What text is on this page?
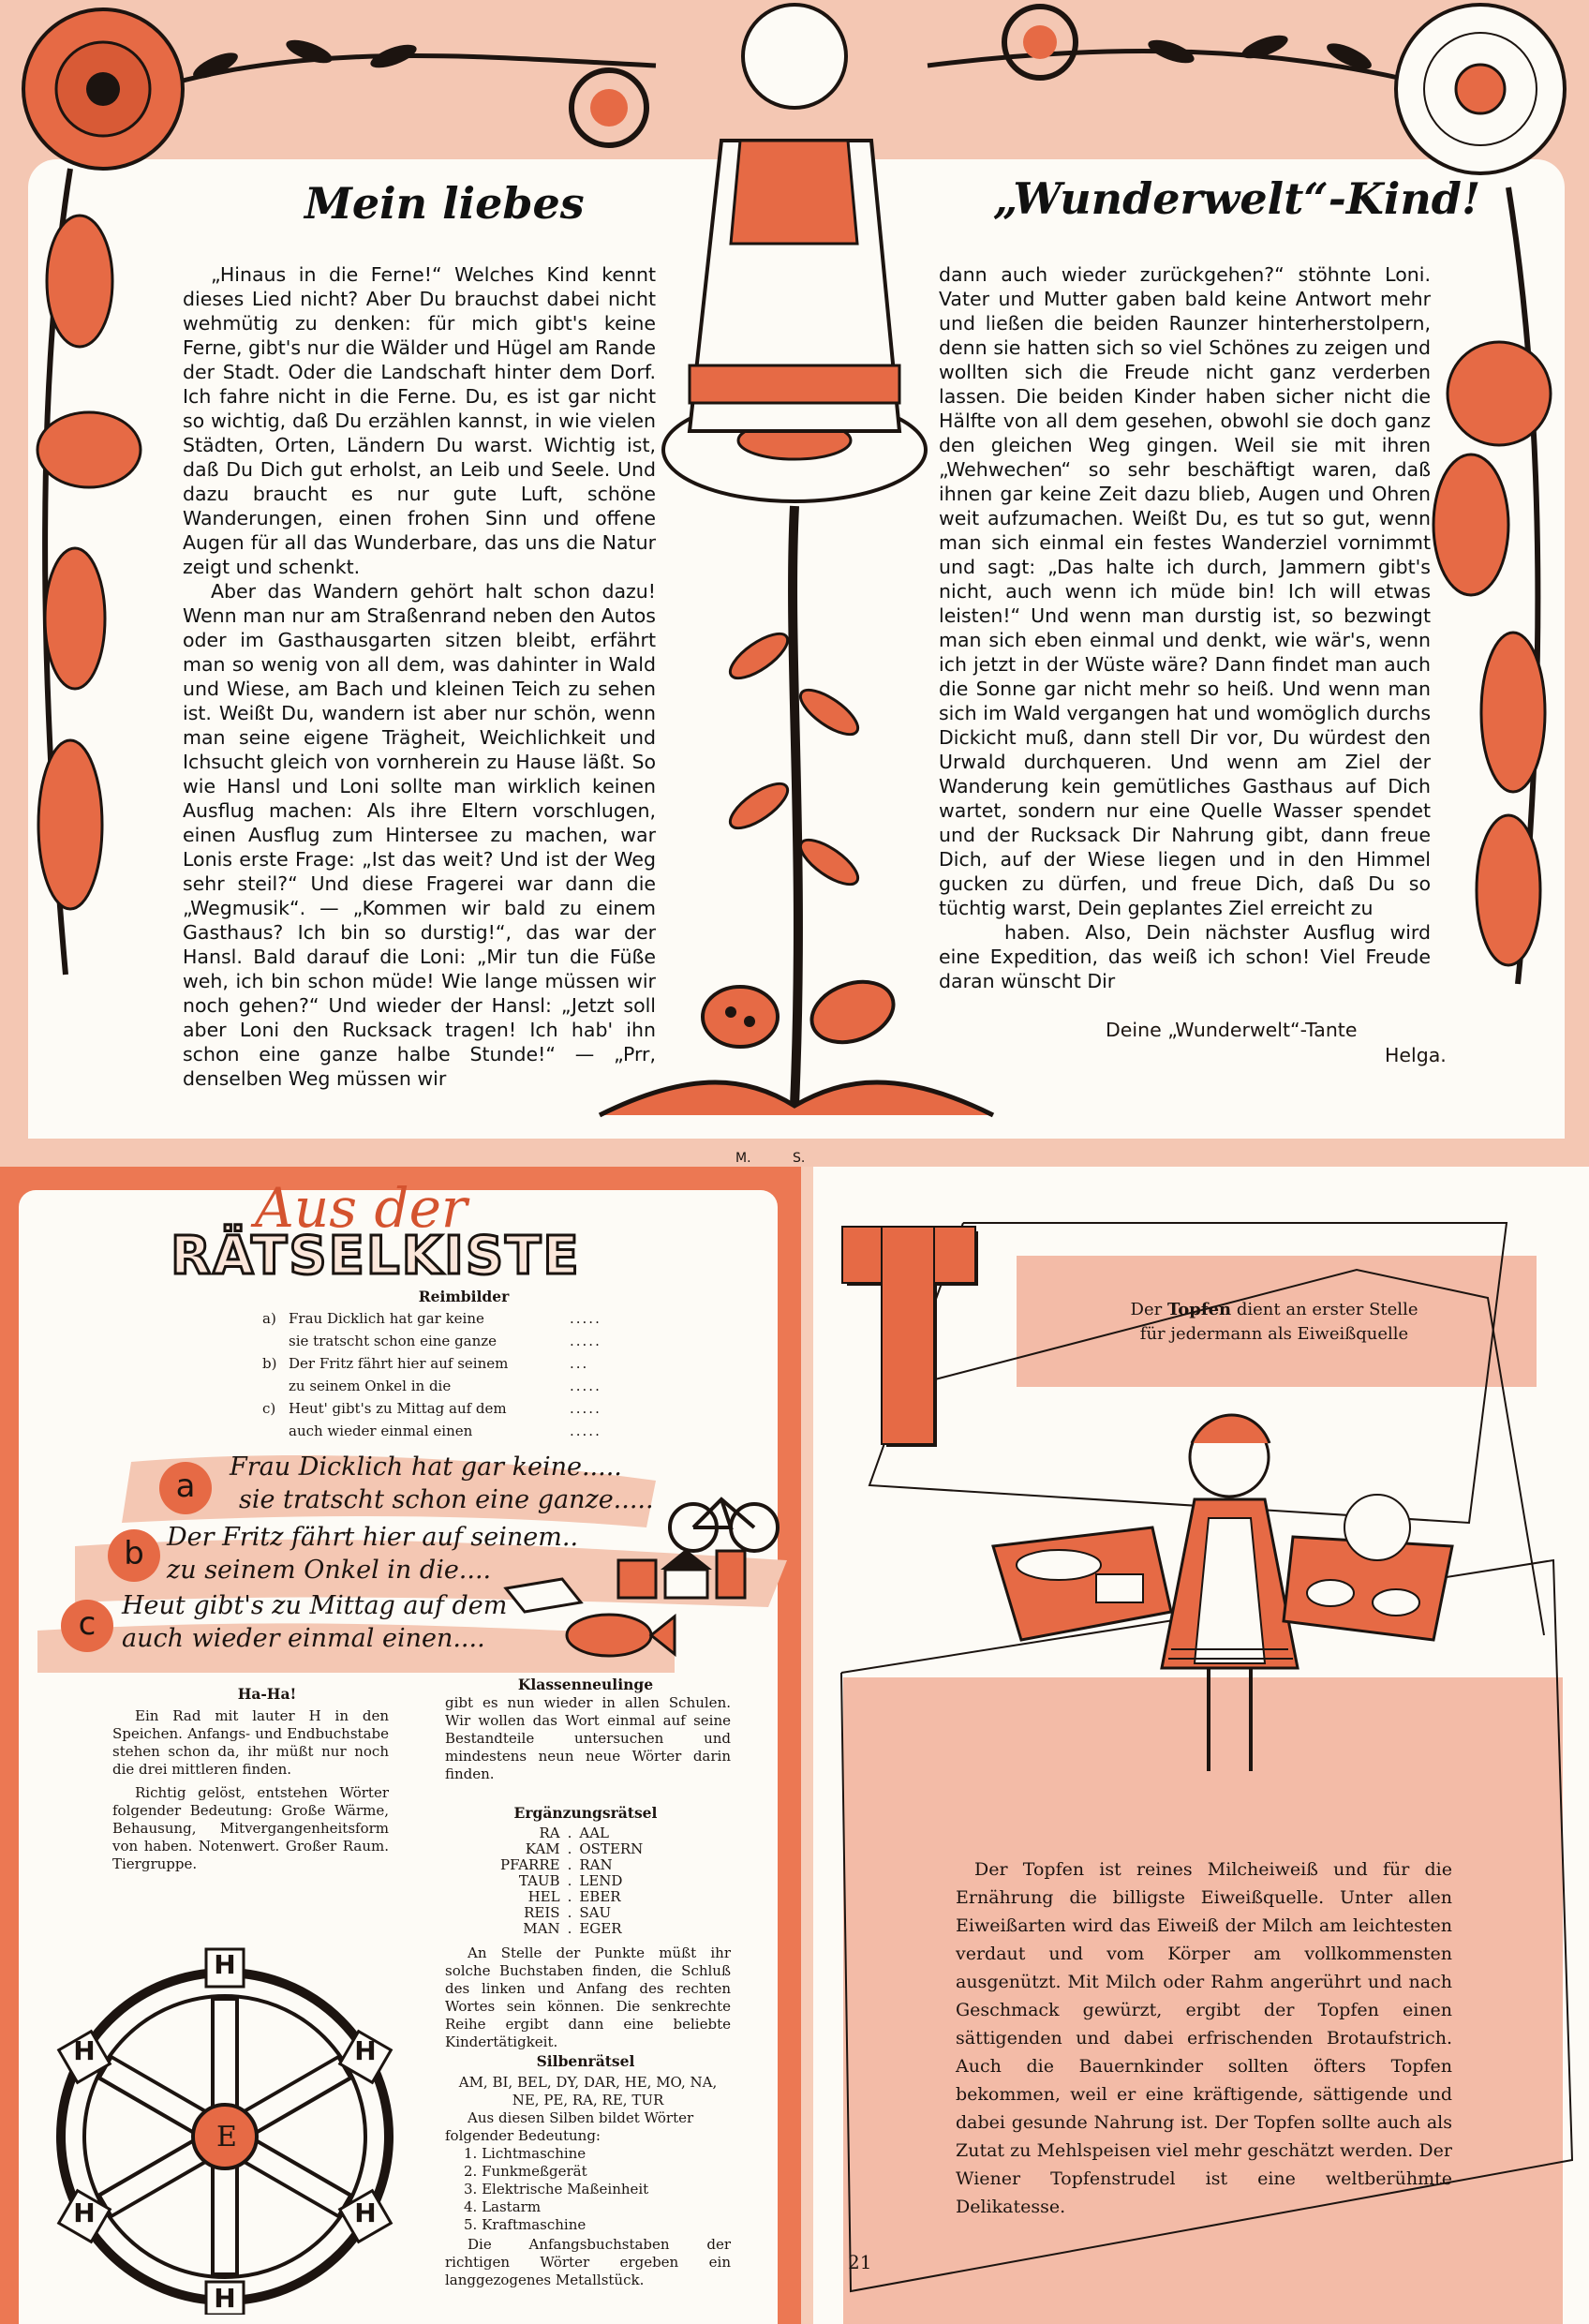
Mein liebes	„Wunderwelt“-Kind!

„Hinaus in die Ferne!“ Welches Kind kennt dieses Lied nicht? Aber Du brauchst dabei nicht wehmütig zu denken: für mich gibt's keine Ferne, gibt's nur die Wälder und Hügel am Rande der Stadt. Oder die Landschaft hinter dem Dorf. Ich fahre nicht in die Ferne. Du, es ist gar nicht so wichtig, daß Du erzählen kannst, in wie vielen Städten, Orten, Ländern Du warst. Wichtig ist, daß Du Dich gut erholst, an Leib und Seele. Und dazu braucht es nur gute Luft, schöne Wanderungen, einen frohen Sinn und offene Augen für all das Wunderbare, das uns die Natur zeigt und schenkt.

Aber das Wandern gehört halt schon dazu! Wenn man nur am Straßenrand neben den Autos oder im Gasthausgarten sitzen bleibt, erfährt man so wenig von all dem, was dahinter in Wald und Wiese, am Bach und kleinen Teich zu sehen ist. Weißt Du, wandern ist aber nur schön, wenn man seine eigene Trägheit, Weichlichkeit und Ichsucht gleich von vornherein zu Hause läßt. So wie Hansl und Loni sollte man wirklich keinen Ausflug machen: Als ihre Eltern vorschlugen, einen Ausflug zum Hintersee zu machen, war Lonis erste Frage: „Ist das weit? Und ist der Weg sehr steil?“ Und diese Fragerei war dann die „Wegmusik“. — „Kommen wir bald zu einem Gasthaus? Ich bin so durstig!“, das war der Hansl. Bald darauf die Loni: „Mir tun die Füße weh, ich bin schon müde! Wie lange müssen wir noch gehen?“ Und wieder der Hansl: „Jetzt soll aber Loni den Rucksack tragen! Ich hab' ihn schon eine ganze halbe Stunde!“ — „Prr, denselben Weg müssen wir

dann auch wieder zurückgehen?“ stöhnte Loni. Vater und Mutter gaben bald keine Antwort mehr und ließen die beiden Raunzer hinterherstolpern, denn sie hatten sich so viel Schönes zu zeigen und wollten sich die Freude nicht ganz verderben lassen. Die beiden Kinder haben sicher nicht die Hälfte von all dem gesehen, obwohl sie doch ganz den gleichen Weg gingen. Weil sie mit ihren „Wehwechen“ so sehr beschäftigt waren, daß ihnen gar keine Zeit dazu blieb, Augen und Ohren weit aufzumachen. Weißt Du, es tut so gut, wenn man sich einmal ein festes Wanderziel vornimmt und sagt: „Das halte ich durch, Jammern gibt's nicht, auch wenn ich müde bin! Ich will etwas leisten!“ Und wenn man durstig ist, so bezwingt man sich eben einmal und denkt, wie wär's, wenn ich jetzt in der Wüste wäre? Dann findet man auch die Sonne gar nicht mehr so heiß. Und wenn man sich im Wald vergangen hat und womöglich durchs Dickicht muß, dann stell Dir vor, Du würdest den Urwald durchqueren. Und wenn am Ziel der Wanderung kein gemütliches Gasthaus auf Dich wartet, sondern nur eine Quelle Wasser spendet und der Rucksack Dir Nahrung gibt, dann freue Dich, auf der Wiese liegen und in den Himmel gucken zu dürfen, und freue Dich, daß Du so tüchtig warst, Dein geplantes Ziel erreicht zu

haben. Also, Dein nächster Ausflug wird eine Expedition, das weiß ich schon! Viel Freude daran wünscht Dir

Deine „Wunderwelt“-Tante
Helga.
M.          S.
Aus der
RÄTSELKISTE
Reimbilder
a) Frau Dicklich hat gar keine	.....
sie tratscht schon eine ganze	.....
b) Der Fritz fährt hier auf seinem	...
zu seinem Onkel in die	.....
c) Heut' gibt's zu Mittag auf dem	.....
auch wieder einmal einen	.....
a
Frau Dicklich hat gar keine.....
sie tratscht schon eine ganze.....
b Der Fritz fährt hier auf seinem..
zu seinem Onkel in die....
c	Heut gibt's zu Mittag auf dem
auch wieder einmal einen....
Ha-Ha!
Ein Rad mit lauter H in den Speichen. Anfangs- und Endbuchstabe stehen schon da, ihr müßt nur noch die drei mittleren finden.
Richtig gelöst, entstehen Wörter folgender Bedeutung: Große Wärme, Behausung, Mitvergangenheitsform von haben. Notenwert. Großer Raum. Tiergruppe.
E
H
H
H	H
H	H
Klassenneulinge
gibt es nun wieder in allen Schulen. Wir wollen das Wort einmal auf seine Bestandteile untersuchen und mindestens neun neue Wörter darin finden.
Ergänzungsrätsel
RA	.	AAL
KAM	.	OSTERN
PFARRE	.	RAN
TAUB	.	LEND
HEL	.	EBER
REIS	.	SAU
MAN	.	EGER
An Stelle der Punkte müßt ihr solche Buchstaben finden, die Schluß des linken und Anfang des rechten Wortes sein können. Die senkrechte Reihe ergibt dann eine beliebte Kindertätigkeit.
Silbenrätsel
AM, BI, BEL, DY, DAR, HE, MO, NA, NE, PE, RA, RE, TUR
Aus diesen Silben bildet Wörter folgender Bedeutung:
1. Lichtmaschine
2. Funkmeßgerät
3. Elektrische Maßeinheit
4. Lastarm
5. Kraftmaschine
Die Anfangsbuchstaben der richtigen Wörter ergeben ein langgezogenes Metallstück.
Der Topfen dient an erster Stelle
für jedermann als Eiweißquelle
Der Topfen ist reines Milcheiweiß und für die Ernährung die billigste Eiweißquelle. Unter allen Eiweißarten wird das Eiweiß der Milch am leichtesten verdaut und vom Körper am vollkommensten ausgenützt. Mit Milch oder Rahm angerührt und nach Geschmack gewürzt, ergibt der Topfen einen sättigenden und dabei erfrischenden Brotaufstrich. Auch die Bauernkinder sollten öfters Topfen bekommen, weil er eine kräftigende, sättigende und dabei gesunde Nahrung ist. Der Topfen sollte auch als Zutat zu Mehlspeisen viel mehr geschätzt werden. Der Wiener Topfenstrudel ist eine weltberühmte Delikatesse.
21
